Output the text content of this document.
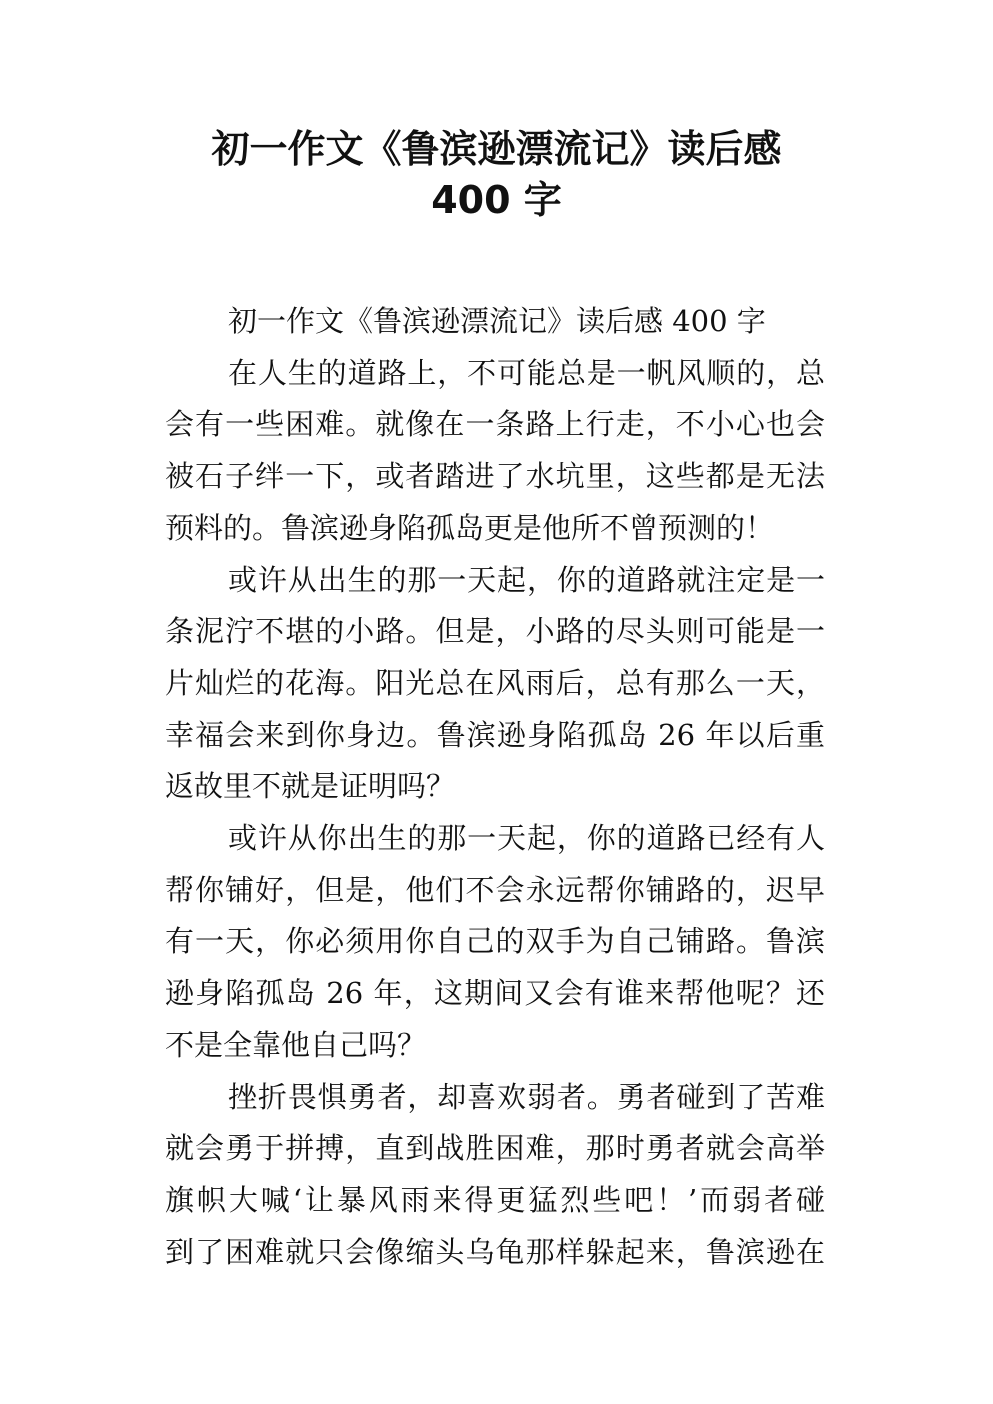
初一作文《鲁滨逊漂流记》读后感
400 字
初一作文《鲁滨逊漂流记》读后感 400 字
在人生的道路上，不可能总是一帆风顺的，总
会有一些困难。就像在一条路上行走，不小心也会
被石子绊一下，或者踏进了水坑里，这些都是无法
预料的。鲁滨逊身陷孤岛更是他所不曾预测的！
或许从出生的那一天起，你的道路就注定是一
条泥泞不堪的小路。但是，小路的尽头则可能是一
片灿烂的花海。阳光总在风雨后，总有那么一天，
幸福会来到你身边。鲁滨逊身陷孤岛 26 年以后重
返故里不就是证明吗？
或许从你出生的那一天起，你的道路已经有人
帮你铺好，但是，他们不会永远帮你铺路的，迟早
有一天，你必须用你自己的双手为自己铺路。鲁滨
逊身陷孤岛 26 年，这期间又会有谁来帮他呢？还
不是全靠他自己吗？
挫折畏惧勇者，却喜欢弱者。勇者碰到了苦难
就会勇于拼搏，直到战胜困难，那时勇者就会高举
旗帜大喊‘让暴风雨来得更猛烈些吧！’而弱者碰
到了困难就只会像缩头乌龟那样躲起来，鲁滨逊在
